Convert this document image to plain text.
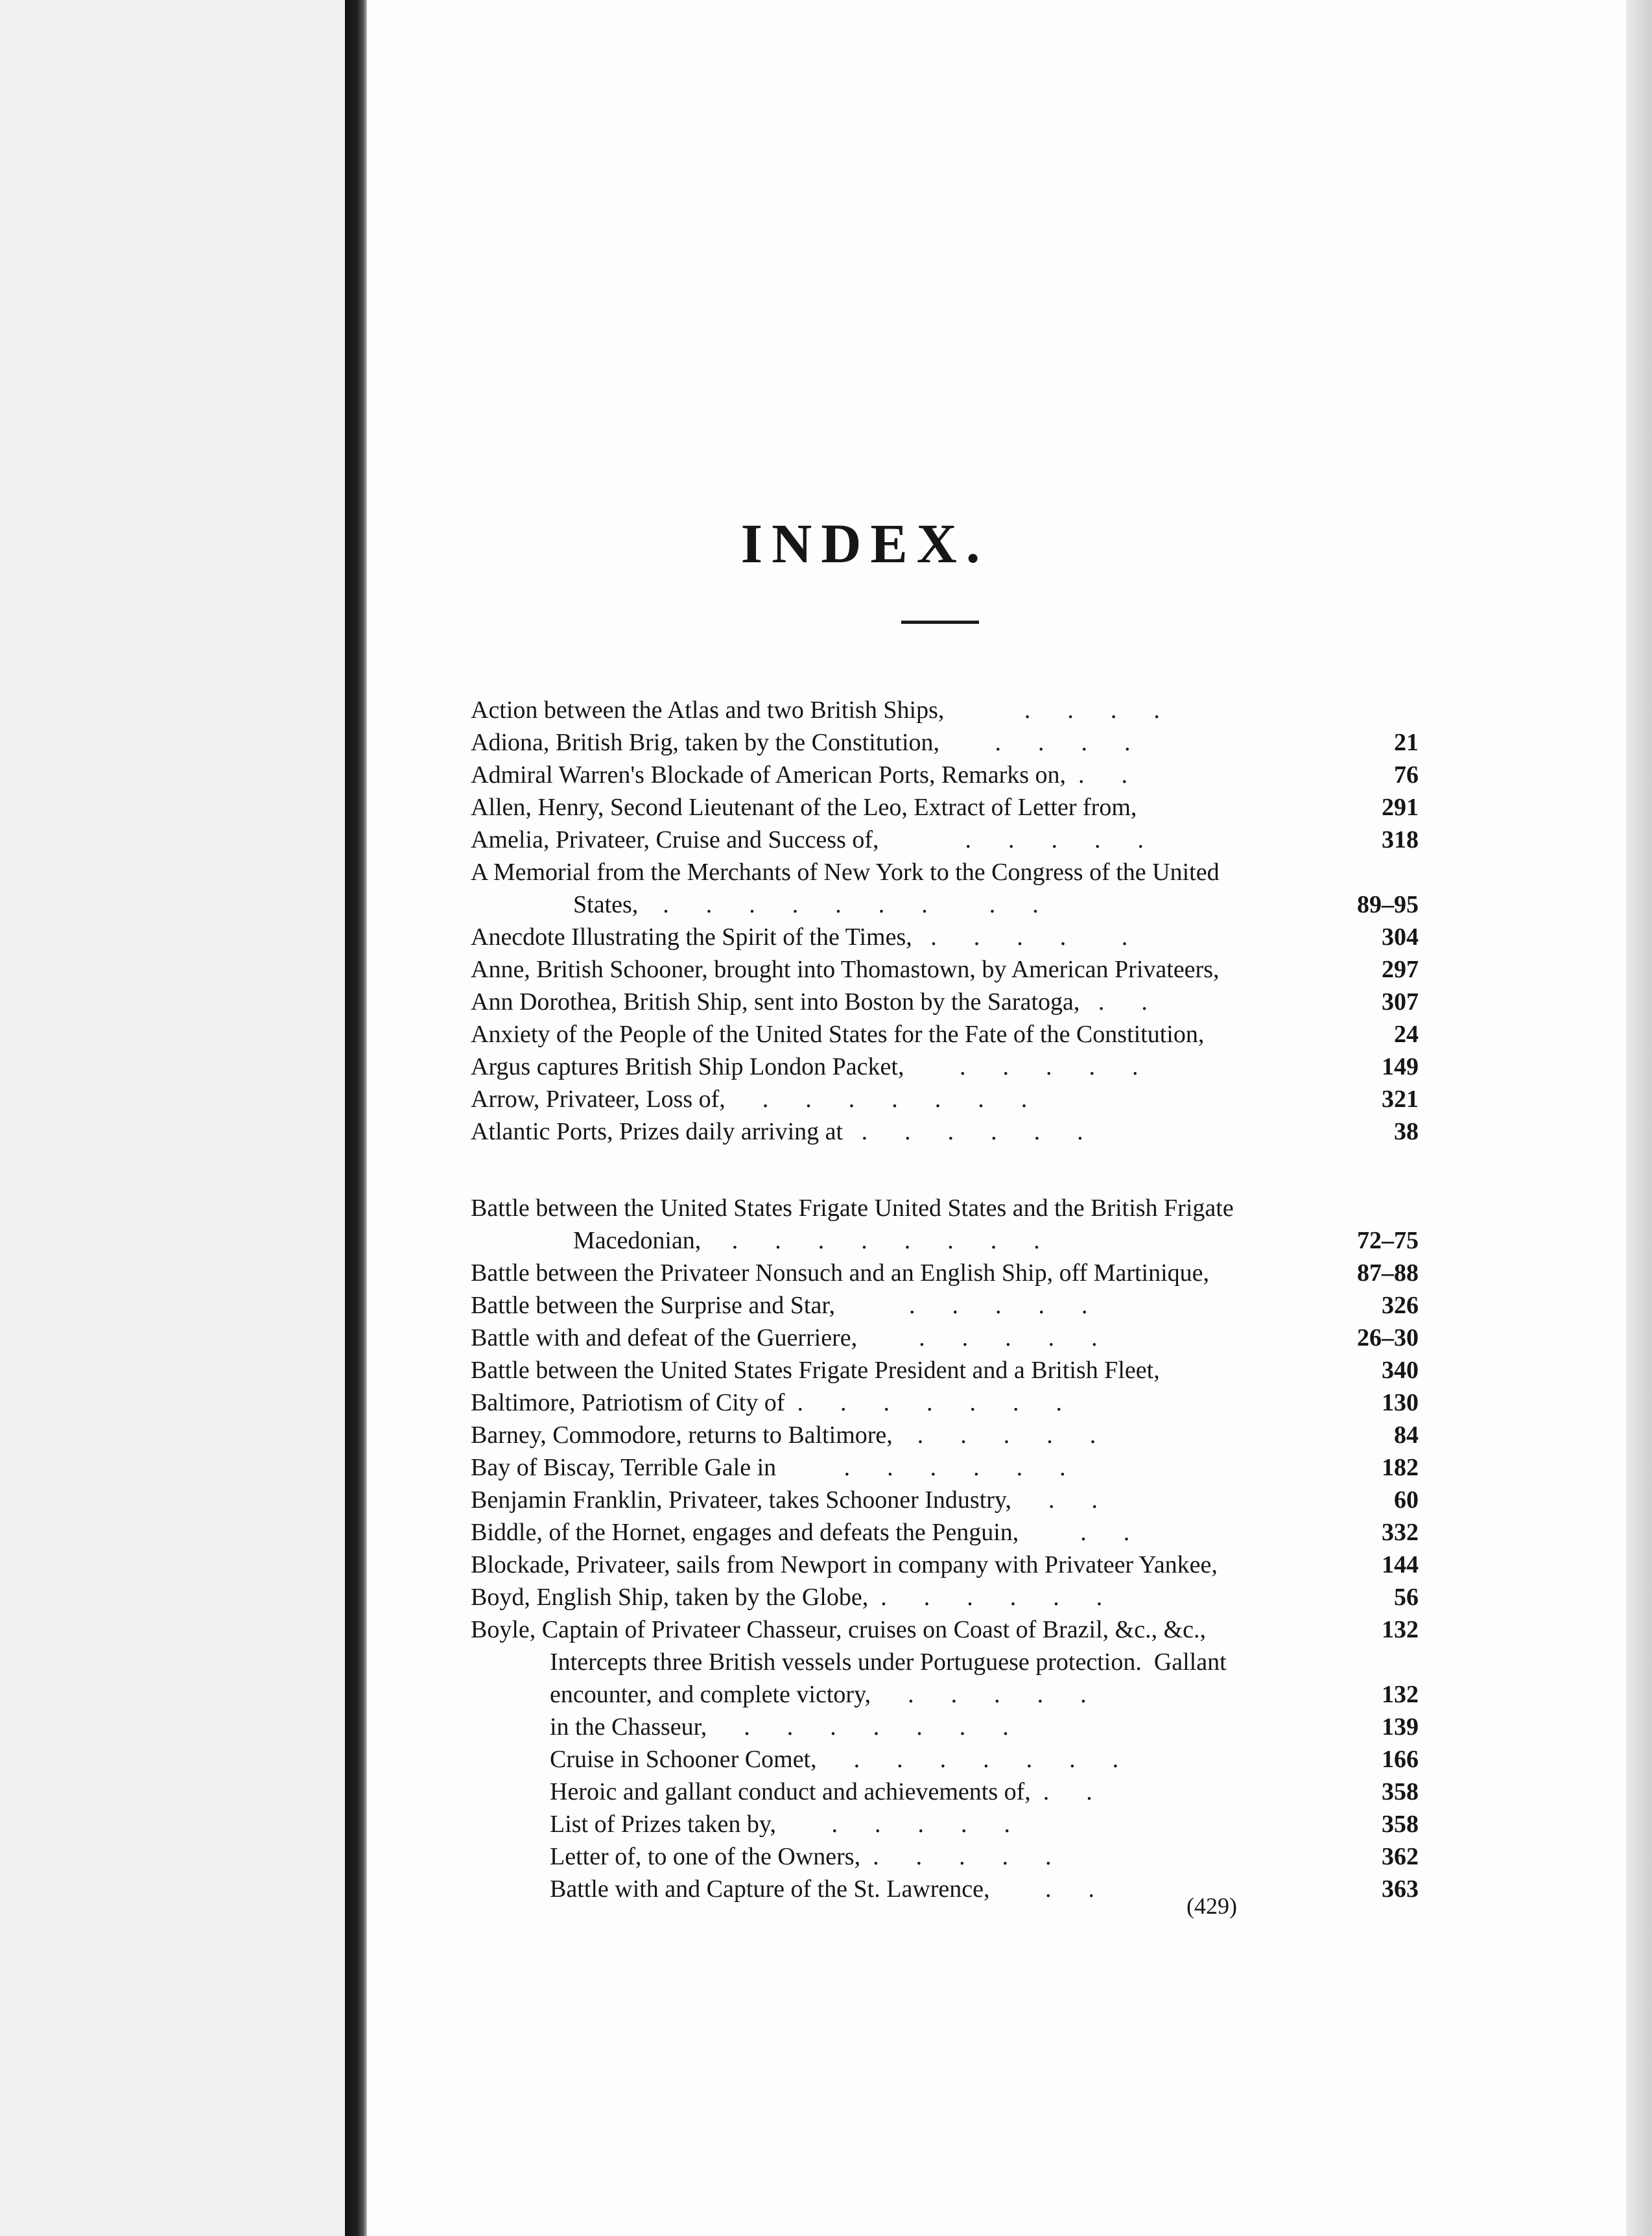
INDEX.
Action between the Atlas and two British Ships,             .      .      .      .
Adiona, British Brig, taken by the Constitution,         .      .      .      .	21
Admiral Warren's Blockade of American Ports, Remarks on,  .      .	76
Allen, Henry, Second Lieutenant of the Leo, Extract of Letter from,	291
Amelia, Privateer, Cruise and Success of,              .      .      .      .      .	318
A Memorial from the Merchants of New York to the Congress of the United
States,    .      .      .      .      .      .      .          .      .	89–95
Anecdote Illustrating the Spirit of the Times,   .      .      .      .         .	304
Anne, British Schooner, brought into Thomastown, by American Privateers,	297
Ann Dorothea, British Ship, sent into Boston by the Saratoga,   .      .	307
Anxiety of the People of the United States for the Fate of the Constitution,	24
Argus captures British Ship London Packet,         .      .      .      .      .	149
Arrow, Privateer, Loss of,      .      .      .      .      .      .      .	321
Atlantic Ports, Prizes daily arriving at   .      .      .      .      .      .	38
Battle between the United States Frigate United States and the British Frigate
Macedonian,     .      .      .      .      .      .      .      .	72–75
Battle between the Privateer Nonsuch and an English Ship, off Martinique,	87–88
Battle between the Surprise and Star,            .      .      .      .      .	326
Battle with and defeat of the Guerriere,          .      .      .      .      .	26–30
Battle between the United States Frigate President and a British Fleet,	340
Baltimore, Patriotism of City of  .      .      .      .      .      .      .	130
Barney, Commodore, returns to Baltimore,    .      .      .      .      .	84
Bay of Biscay, Terrible Gale in           .      .      .      .      .      .	182
Benjamin Franklin, Privateer, takes Schooner Industry,      .      .	60
Biddle, of the Hornet, engages and defeats the Penguin,          .      .	332
Blockade, Privateer, sails from Newport in company with Privateer Yankee,	144
Boyd, English Ship, taken by the Globe,  .      .      .      .      .      .	56
Boyle, Captain of Privateer Chasseur, cruises on Coast of Brazil, &c., &c.,	132
Intercepts three British vessels under Portuguese protection.  Gallant
encounter, and complete victory,      .      .      .      .      .	132
in the Chasseur,      .      .      .      .      .      .      .	139
Cruise in Schooner Comet,      .      .      .      .      .      .      .	166
Heroic and gallant conduct and achievements of,  .      .	358
List of Prizes taken by,         .      .      .      .      .	358
Letter of, to one of the Owners,  .      .      .      .      .	362
Battle with and Capture of the St. Lawrence,         .      .	363
(429)
